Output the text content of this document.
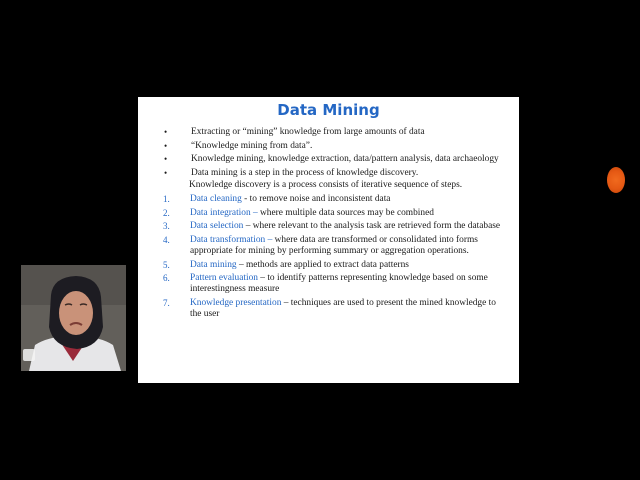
Data Mining
•	Extracting or “mining” knowledge from large amounts of data
•	“Knowledge mining from data”.
•	Knowledge mining, knowledge extraction, data/pattern analysis, data archaeology
•	Data mining is a step in the process of knowledge discovery.
Knowledge discovery is a process consists of iterative sequence of steps.
1.	Data cleaning - to remove noise and inconsistent data
2.	Data integration – where multiple data sources may be combined
3.	Data selection – where relevant to the analysis task are retrieved form the database
4.	Data transformation – where data are transformed or consolidated into forms appropriate for mining by performing summary or aggregation operations.
5.	Data mining – methods are applied to extract data patterns
6.	Pattern evaluation – to identify patterns representing knowledge based on some interestingness measure
7.	Knowledge presentation – techniques are used to present the mined knowledge to the user
